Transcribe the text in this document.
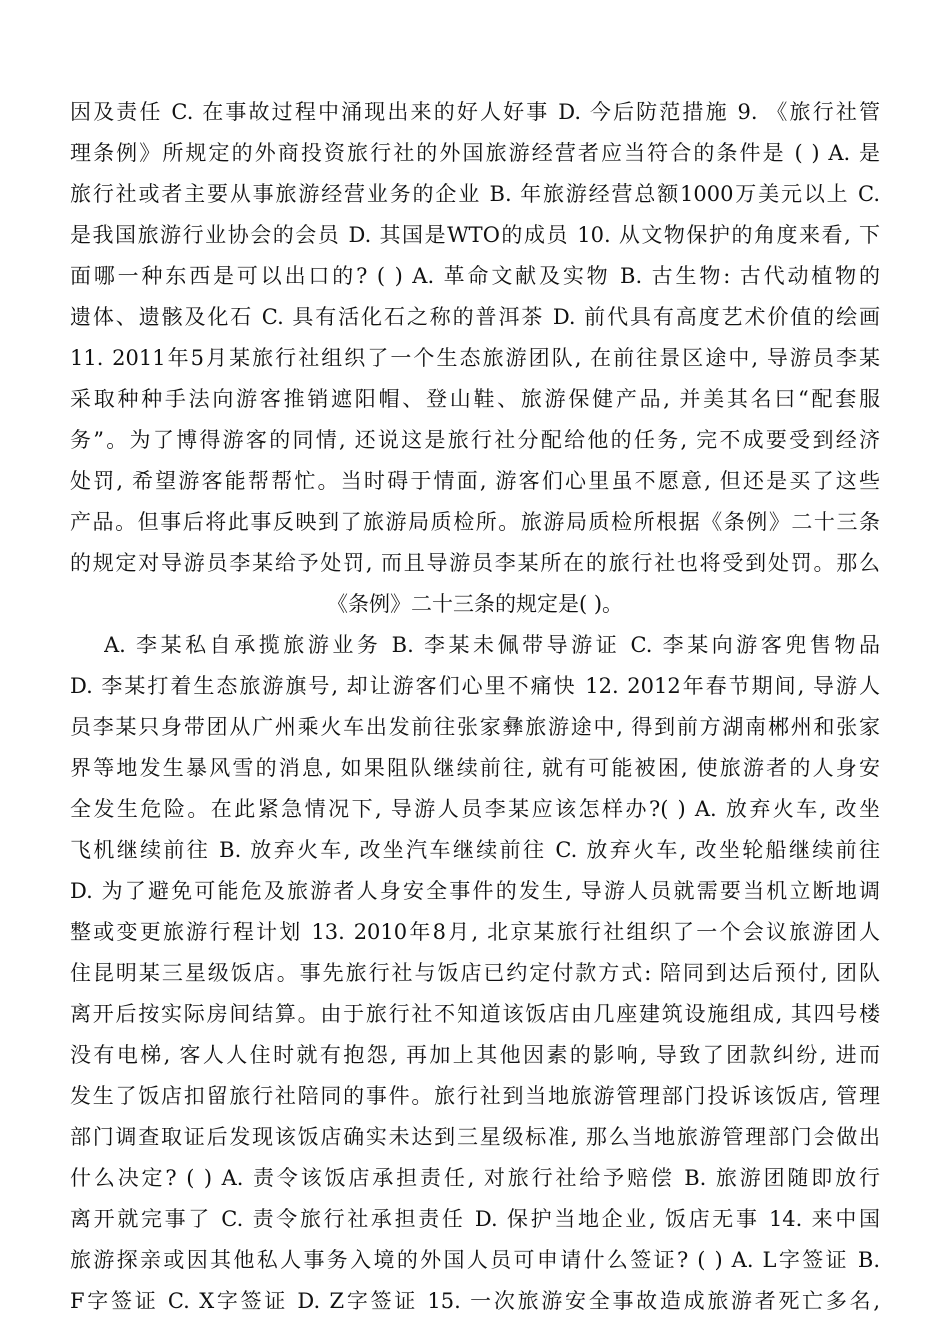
因及责任 C. 在事故过程中涌现出来的好人好事 D. 今后防范措施 9. 《旅行社管
理条例》所规定的外商投资旅行社的外国旅游经营者应当符合的条件是 ( ) A. 是
旅行社或者主要从事旅游经营业务的企业 B. 年旅游经营总额1000万美元以上 C.
是我国旅游行业协会的会员 D. 其国是WTO的成员 10. 从文物保护的角度来看, 下
面哪一种东西是可以出口的? ( ) A. 革命文献及实物 B. 古生物: 古代动植物的
遗体、遗骸及化石 C. 具有活化石之称的普洱茶 D. 前代具有高度艺术价值的绘画
11. 2011年5月某旅行社组织了一个生态旅游团队, 在前往景区途中, 导游员李某
采取种种手法向游客推销遮阳帽、登山鞋、旅游保健产品, 并美其名曰“配套服
务”。为了博得游客的同情, 还说这是旅行社分配给他的任务, 完不成要受到经济
处罚, 希望游客能帮帮忙。当时碍于情面, 游客们心里虽不愿意, 但还是买了这些
产品。但事后将此事反映到了旅游局质检所。旅游局质检所根据《条例》二十三条
的规定对导游员李某给予处罚, 而且导游员李某所在的旅行社也将受到处罚。那么
《条例》二十三条的规定是( )。
A. 李某私自承揽旅游业务 B. 李某未佩带导游证 C. 李某向游客兜售物品
D. 李某打着生态旅游旗号, 却让游客们心里不痛快 12. 2012年春节期间, 导游人
员李某只身带团从广州乘火车出发前往张家彝旅游途中, 得到前方湖南郴州和张家
界等地发生暴风雪的消息, 如果阻队继续前往, 就有可能被困, 使旅游者的人身安
全发生危险。在此紧急情况下, 导游人员李某应该怎样办?( ) A. 放弃火车, 改坐
飞机继续前往 B. 放弃火车, 改坐汽车继续前往 C. 放弃火车, 改坐轮船继续前往
D. 为了避免可能危及旅游者人身安全事件的发生, 导游人员就需要当机立断地调
整或变更旅游行程计划 13. 2010年8月, 北京某旅行社组织了一个会议旅游团人
住昆明某三星级饭店。事先旅行社与饭店已约定付款方式: 陪同到达后预付, 团队
离开后按实际房间结算。由于旅行社不知道该饭店由几座建筑设施组成, 其四号楼
没有电梯, 客人人住时就有抱怨, 再加上其他因素的影响, 导致了团款纠纷, 进而
发生了饭店扣留旅行社陪同的事件。旅行社到当地旅游管理部门投诉该饭店, 管理
部门调查取证后发现该饭店确实未达到三星级标准, 那么当地旅游管理部门会做出
什么决定? ( ) A. 责令该饭店承担责任, 对旅行社给予赔偿 B. 旅游团随即放行
离开就完事了 C. 责令旅行社承担责任 D. 保护当地企业, 饭店无事 14. 来中国
旅游探亲或因其他私人事务入境的外国人员可申请什么签证? ( ) A. L字签证 B.
F字签证 C. X字签证 D. Z字签证 15. 一次旅游安全事故造成旅游者死亡多名,
